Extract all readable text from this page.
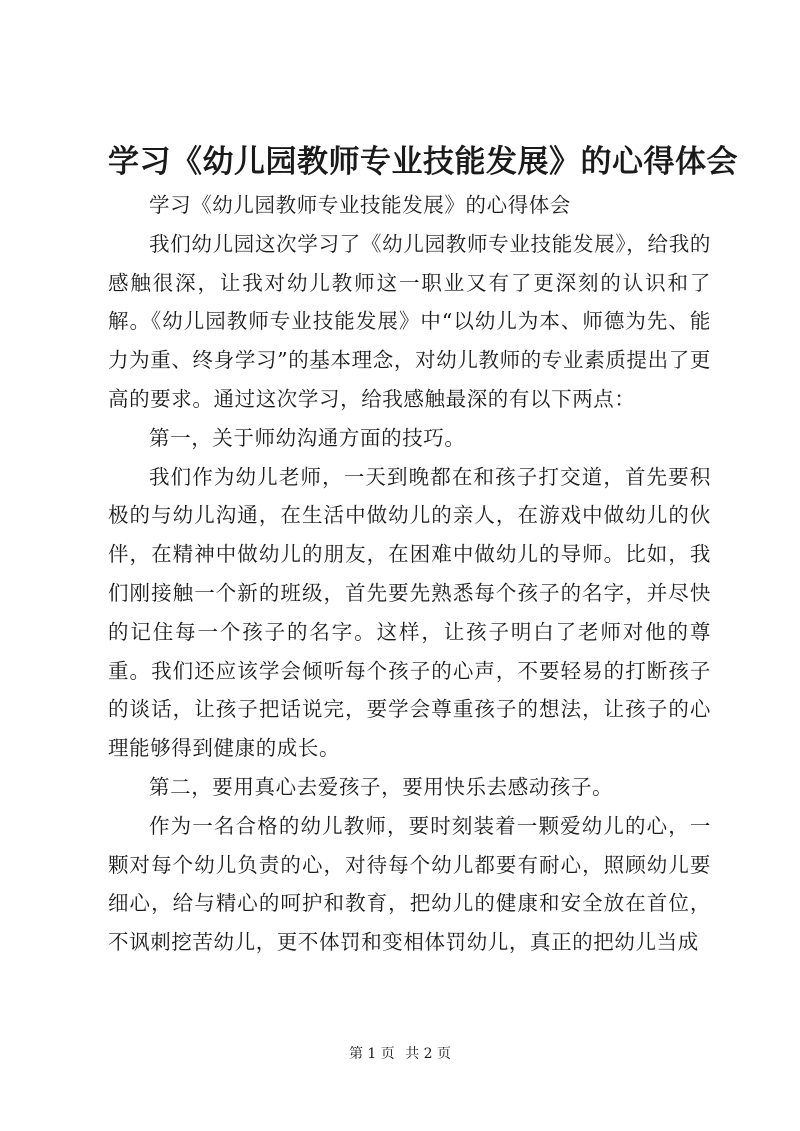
学习《幼儿园教师专业技能发展》的心得体会

学习《幼儿园教师专业技能发展》的心得体会

我们幼儿园这次学习了《幼儿园教师专业技能发展》，给我的感触很深，让我对幼儿教师这一职业又有了更深刻的认识和了解。《幼儿园教师专业技能发展》中“以幼儿为本、师德为先、能力为重、终身学习”的基本理念，对幼儿教师的专业素质提出了更高的要求。通过这次学习，给我感触最深的有以下两点：

第一，关于师幼沟通方面的技巧。

我们作为幼儿老师，一天到晚都在和孩子打交道，首先要积极的与幼儿沟通，在生活中做幼儿的亲人，在游戏中做幼儿的伙伴，在精神中做幼儿的朋友，在困难中做幼儿的导师。比如，我们刚接触一个新的班级，首先要先熟悉每个孩子的名字，并尽快的记住每一个孩子的名字。这样，让孩子明白了老师对他的尊重。我们还应该学会倾听每个孩子的心声，不要轻易的打断孩子的谈话，让孩子把话说完，要学会尊重孩子的想法，让孩子的心理能够得到健康的成长。

第二，要用真心去爱孩子，要用快乐去感动孩子。

作为一名合格的幼儿教师，要时刻装着一颗爱幼儿的心，一颗对每个幼儿负责的心，对待每个幼儿都要有耐心，照顾幼儿要细心，给与精心的呵护和教育，把幼儿的健康和安全放在首位，不讽刺挖苦幼儿，更不体罚和变相体罚幼儿，真正的把幼儿当成

第 1 页 共 2 页
